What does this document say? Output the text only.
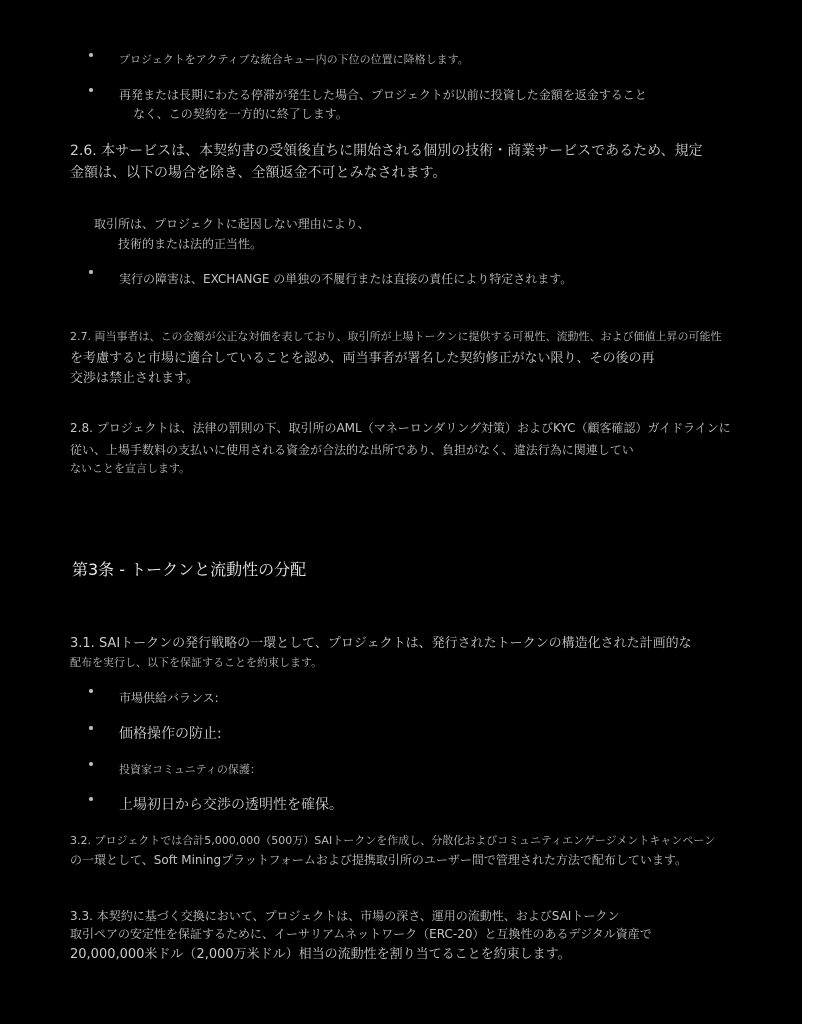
プロジェクトをアクティブな統合キュー内の下位の位置に降格します。

再発または長期にわたる停滞が発生した場合、プロジェクトが以前に投資した金額を返金すること

なく、この契約を一方的に終了します。

2.6. 本サービスは、本契約書の受領後直ちに開始される個別の技術・商業サービスであるため、規定

金額は、以下の場合を除き、全額返金不可とみなされます。

取引所は、プロジェクトに起因しない理由により、

技術的または法的正当性。

実行の障害は、EXCHANGE の単独の不履行または直接の責任により特定されます。

2.7. 両当事者は、この金額が公正な対価を表しており、取引所が上場トークンに提供する可視性、流動性、および価値上昇の可能性

を考慮すると市場に適合していることを認め、両当事者が署名した契約修正がない限り、その後の再

交渉は禁止されます。

2.8. プロジェクトは、法律の罰則の下、取引所のAML（マネーロンダリング対策）およびKYC（顧客確認）ガイドラインに

従い、上場手数料の支払いに使用される資金が合法的な出所であり、負担がなく、違法行為に関連してい

ないことを宣言します。

第3条 - トークンと流動性の分配

3.1. SAIトークンの発行戦略の一環として、プロジェクトは、発行されたトークンの構造化された計画的な

配布を実行し、以下を保証することを約束します。

市場供給バランス:

価格操作の防止:

投資家コミュニティの保護：

上場初日から交渉の透明性を確保。

3.2. プロジェクトでは合計5,000,000（500万）SAIトークンを作成し、分散化およびコミュニティエンゲージメントキャンペーン

の一環として、Soft Miningプラットフォームおよび提携取引所のユーザー間で管理された方法で配布しています。

3.3. 本契約に基づく交換において、プロジェクトは、市場の深さ、運用の流動性、およびSAIトークン

取引ペアの安定性を保証するために、イーサリアムネットワーク（ERC-20）と互換性のあるデジタル資産で

20,000,000米ドル（2,000万米ドル）相当の流動性を割り当てることを約束します。
